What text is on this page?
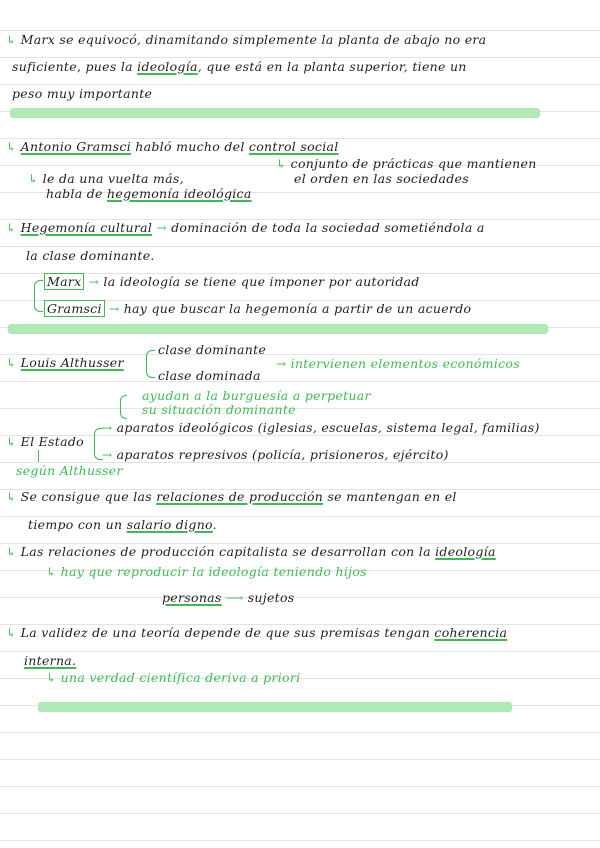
↳ Marx se equivocó, dinamitando simplemente la planta de abajo no era
suficiente, pues la ideología, que está en la planta superior, tiene un
peso muy importante
↳ Antonio Gramsci habló mucho del control social
↳ le da una vuelta más,
habla de hegemonía ideológica
↳ conjunto de prácticas que mantienen
el orden en las sociedades
↳ Hegemonía cultural → dominación de toda la sociedad sometiéndola a
la clase dominante.
Marx → la ideología se tiene que imponer por autoridad
Gramsci → hay que buscar la hegemonía a partir de un acuerdo
↳ Louis Althusser
clase dominante
clase dominada
→ intervienen elementos económicos
ayudan a la burguesía a perpetuar
su situación dominante
↳ El Estado
según Althusser
→ aparatos ideológicos (iglesias, escuelas, sistema legal, familias)
→ aparatos represivos (policía, prisioneros, ejército)
↳ Se consigue que las relaciones de producción se mantengan en el
tiempo con un salario digno.
↳ Las relaciones de producción capitalista se desarrollan con la ideología
↳ hay que reproducir la ideología teniendo hijos
personas ⟶ sujetos
↳ La validez de una teoría depende de que sus premisas tengan coherencia
interna.
↳ una verdad científica deriva a priori
